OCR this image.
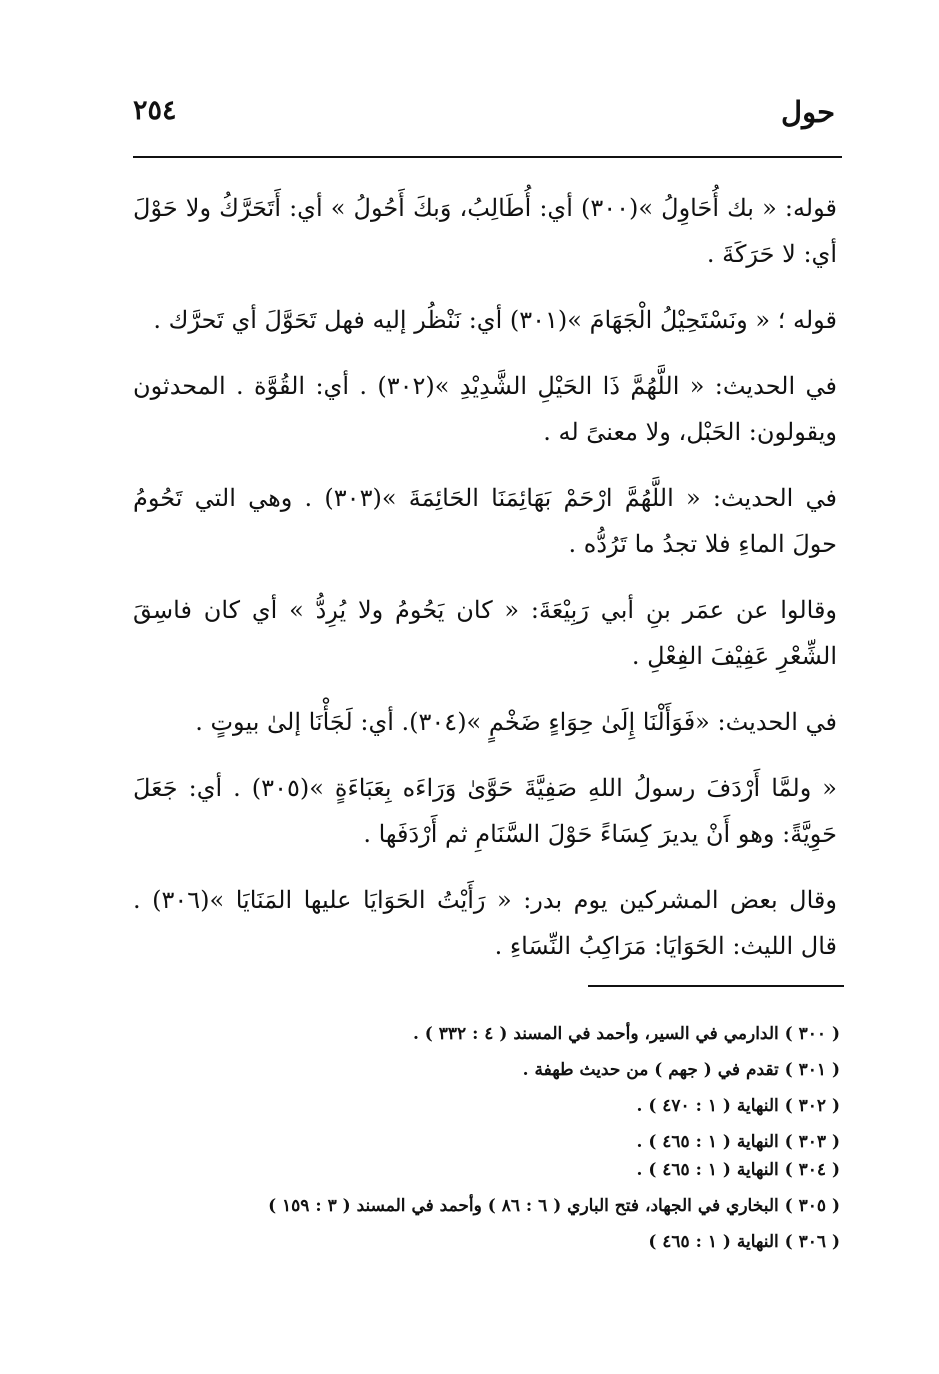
حول
٢٥٤

قوله: « بك أُحَاوِلُ »(٣٠٠) أي: أُطَالِبُ، وَبكَ أَحُولُ » أي: أَتَحَرَّكُ ولا حَوْلَ أي: لا حَرَكَةَ .

قوله ؛ « ونَسْتَحِيْلُ الْجَهَامَ »(٣٠١) أي: نَنْظُر إليه فهل تَحَوَّلَ أي تَحرَّك .

في الحديث: « اللَّهُمَّ ذَا الحَيْلِ الشَّدِيْدِ »(٣٠٢) . أي: القُوَّة . المحدثون ويقولون: الحَبْل، ولا معنىً له .

في الحديث: « اللَّهُمَّ ارْحَمْ بَهَائِمَنَا الحَائِمَةَ »(٣٠٣) . وهي التي تَحُومُ حولَ الماءِ فلا تجدُ ما تَرُدُّه .

وقالوا عن عمَر بنِ أبي رَبِيْعَةَ: « كان يَحُومُ ولا يُرِدُّ » أي كان فاسِقَ الشِّعْرِ عَفِيْفَ الفِعْلِ .

في الحديث: «فَوَأَلْنَا إِلَىٰ حِوَاءٍ ضَخْمٍ »(٣٠٤). أي: لَجَأْنَا إلىٰ بيوتٍ .

« ولمَّا أَرْدَفَ رسولُ اللهِ صَفِيَّةَ حَوَّىٰ وَرَاءَه بِعَبَاءَةٍ »(٣٠٥) . أي: جَعَلَ حَوِيَّةً: وهو أَنْ يديرَ كِسَاءً حَوْلَ السَّنَامِ ثم أَرْدَفَها .

وقال بعض المشركين يوم بدر: « رَأَيْتُ الحَوَايَا عليها المَنَايَا »(٣٠٦) . قال الليث: الحَوَايَا: مَرَاكِبُ النِّسَاءِ .

( ٣٠٠ ) الدارمي في السير، وأحمد في المسند ( ٤ : ٣٣٢ ) .
( ٣٠١ ) تقدم في ( جهم ) من حديث طهفة .
( ٣٠٢ ) النهاية ( ١ : ٤٧٠ ) .
( ٣٠٣ ) النهاية ( ١ : ٤٦٥ ) .
( ٣٠٤ ) النهاية ( ١ : ٤٦٥ ) .
( ٣٠٥ ) البخاري في الجهاد، فتح الباري ( ٦ : ٨٦ ) وأحمد في المسند ( ٣ : ١٥٩ )
( ٣٠٦ ) النهاية ( ١ : ٤٦٥ )
